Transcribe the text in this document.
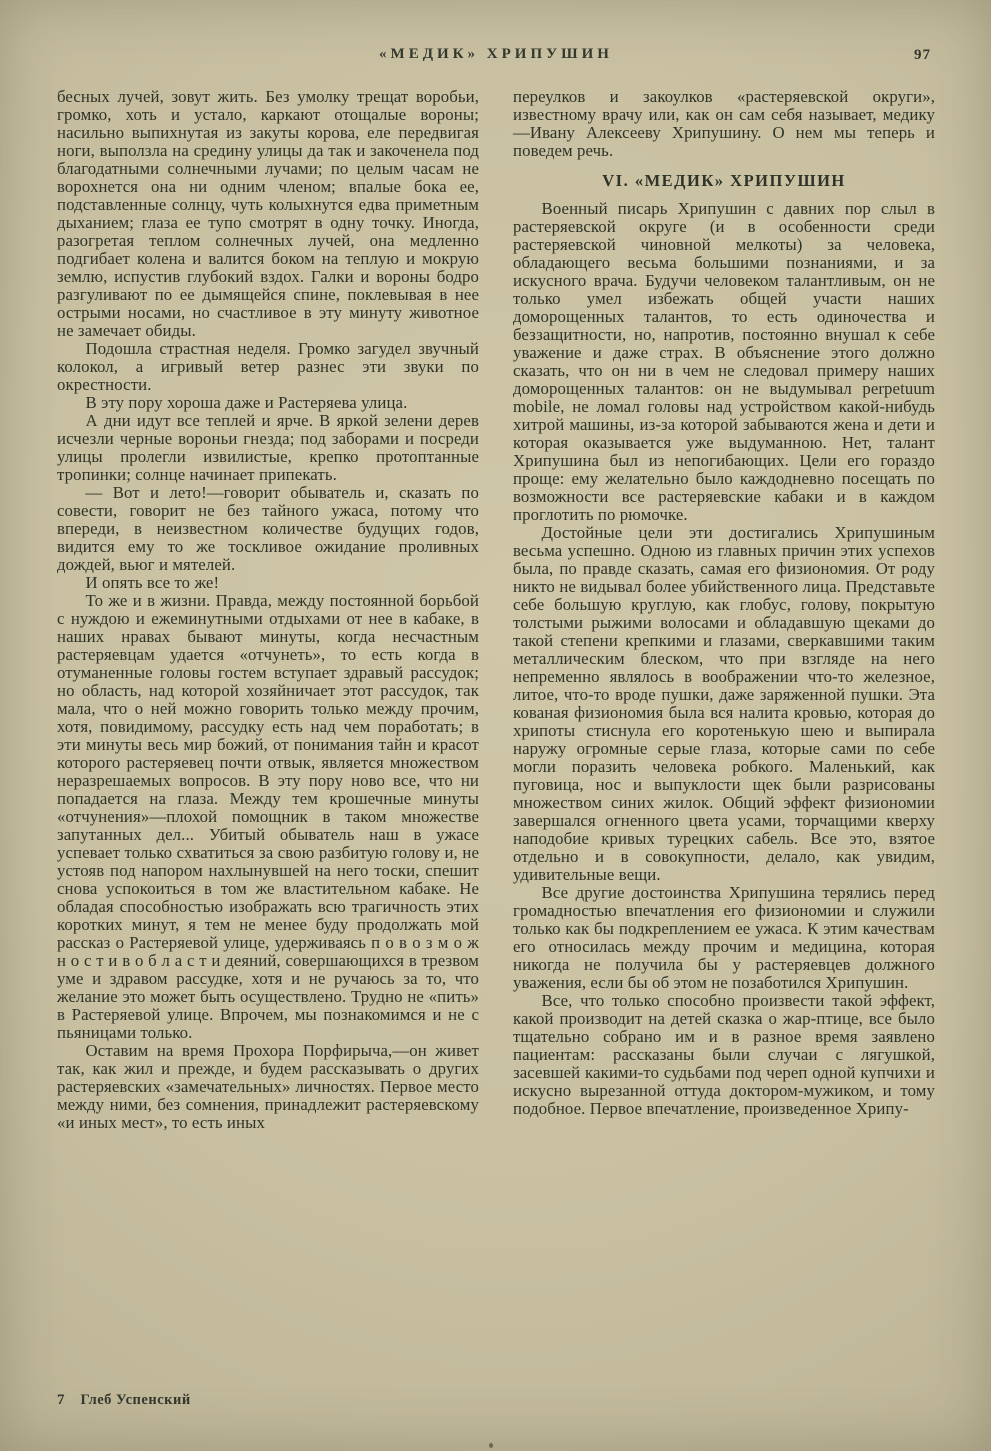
«МЕДИК» ХРИПУШИН	97

бесных лучей, зовут жить. Без умолку трещат воробьи, громко, хоть и устало, каркают отощалые вороны; насильно выпихнутая из закуты корова, еле передвигая ноги, выползла на средину улицы да так и закоченела под благодатными солнечными лучами; по целым часам не ворохнется она ни одним членом; впалые бока ее, подставленные солнцу, чуть колыхнутся едва приметным дыханием; глаза ее тупо смотрят в одну точку. Иногда, разогретая теплом солнечных лучей, она медленно подгибает колена и валится боком на теплую и мокрую землю, испустив глубокий вздох. Галки и вороны бодро разгуливают по ее дымящейся спине, поклевывая в нее острыми носами, но счастливое в эту минуту животное не замечает обиды.

Подошла страстная неделя. Громко загудел звучный колокол, а игривый ветер разнес эти звуки по окрестности.

В эту пору хороша даже и Растеряева улица.

А дни идут все теплей и ярче. В яркой зелени дерев исчезли черные вороньи гнезда; под заборами и посреди улицы пролегли извилистые, крепко протоптанные тропинки; солнце начинает припекать.

— Вот и лето!—говорит обыватель и, сказать по совести, говорит не без тайного ужаса, потому что впереди, в неизвестном количестве будущих годов, видится ему то же тоскливое ожидание проливных дождей, вьюг и мятелей.

И опять все то же!

То же и в жизни. Правда, между постоянной борьбой с нуждою и ежеминутными отдыхами от нее в кабаке, в наших нравах бывают минуты, когда несчастным растеряевцам удается «отчунеть», то есть когда в отуманенные головы гостем вступает здравый рассудок; но область, над которой хозяйничает этот рассудок, так мала, что о ней можно говорить только между прочим, хотя, повидимому, рассудку есть над чем поработать; в эти минуты весь мир божий, от понимания тайн и красот которого растеряевец почти отвык, является множеством неразрешаемых вопросов. В эту пору ново все, что ни попадается на глаза. Между тем крошечные минуты «отчунения»—плохой помощник в таком множестве запутанных дел... Убитый обыватель наш в ужасе успевает только схватиться за свою разбитую голову и, не устояв под напором нахлынувшей на него тоски, спешит снова успокоиться в том же властительном кабаке. Не обладая способностью изображать всю трагичность этих коротких минут, я тем не менее буду продолжать мой рассказ о Растеряевой улице, удерживаясь п о в о з м о ж н о с т и в о б л а с т и деяний, совершающихся в трезвом уме и здравом рассудке, хотя и не ручаюсь за то, что желание это может быть осуществлено. Трудно не «пить» в Растеряевой улице. Впрочем, мы познакомимся и не с пьяницами только.

Оставим на время Прохора Порфирыча,—он живет так, как жил и прежде, и будем рассказывать о других растеряевских «замечательных» личностях. Первое место между ними, без сомнения, принадлежит растеряевскому «и иных мест», то есть иных

переулков и закоулков «растеряевской округи», известному врачу или, как он сам себя называет, медику—Ивану Алексееву Хрипушину. О нем мы теперь и поведем речь.

VI. «МЕДИК» ХРИПУШИН

Военный писарь Хрипушин с давних пор слыл в растеряевской округе (и в особенности среди растеряевской чиновной мелкоты) за человека, обладающего весьма большими познаниями, и за искусного врача. Будучи человеком талантливым, он не только умел избежать общей участи наших доморощенных талантов, то есть одиночества и беззащитности, но, напротив, постоянно внушал к себе уважение и даже страх. В объяснение этого должно сказать, что он ни в чем не следовал примеру наших доморощенных талантов: он не выдумывал perpetuum mobile, не ломал головы над устройством какой-нибудь хитрой машины, из-за которой забываются жена и дети и которая оказывается уже выдуманною. Нет, талант Хрипушина был из непогибающих. Цели его гораздо проще: ему желательно было каждодневно посещать по возможности все растеряевские кабаки и в каждом проглотить по рюмочке.

Достойные цели эти достигались Хрипушиным весьма успешно. Одною из главных причин этих успехов была, по правде сказать, самая его физиономия. От роду никто не видывал более убийственного лица. Представьте себе большую круглую, как глобус, голову, покрытую толстыми рыжими волосами и обладавшую щеками до такой степени крепкими и глазами, сверкавшими таким металлическим блеском, что при взгляде на него непременно являлось в воображении что-то железное, литое, что-то вроде пушки, даже заряженной пушки. Эта кованая физиономия была вся налита кровью, которая до хрипоты стиснула его коротенькую шею и выпирала наружу огромные серые глаза, которые сами по себе могли поразить человека робкого. Маленький, как пуговица, нос и выпуклости щек были разрисованы множеством синих жилок. Общий эффект физиономии завершался огненного цвета усами, торчащими кверху наподобие кривых турецких сабель. Все это, взятое отдельно и в совокупности, делало, как увидим, удивительные вещи.

Все другие достоинства Хрипушина терялись перед громадностью впечатления его физиономии и служили только как бы подкреплением ее ужаса. К этим качествам его относилась между прочим и медицина, которая никогда не получила бы у растеряевцев должного уважения, если бы об этом не позаботился Хрипушин.

Все, что только способно произвести такой эффект, какой производит на детей сказка о жар-птице, все было тщательно собрано им и в разное время заявлено пациентам: рассказаны были случаи с лягушкой, засевшей какими-то судьбами под череп одной купчихи и искусно вырезанной оттуда доктором-мужиком, и тому подобное. Первое впечатление, произведенное Хрипу-

7 Глеб Успенский
